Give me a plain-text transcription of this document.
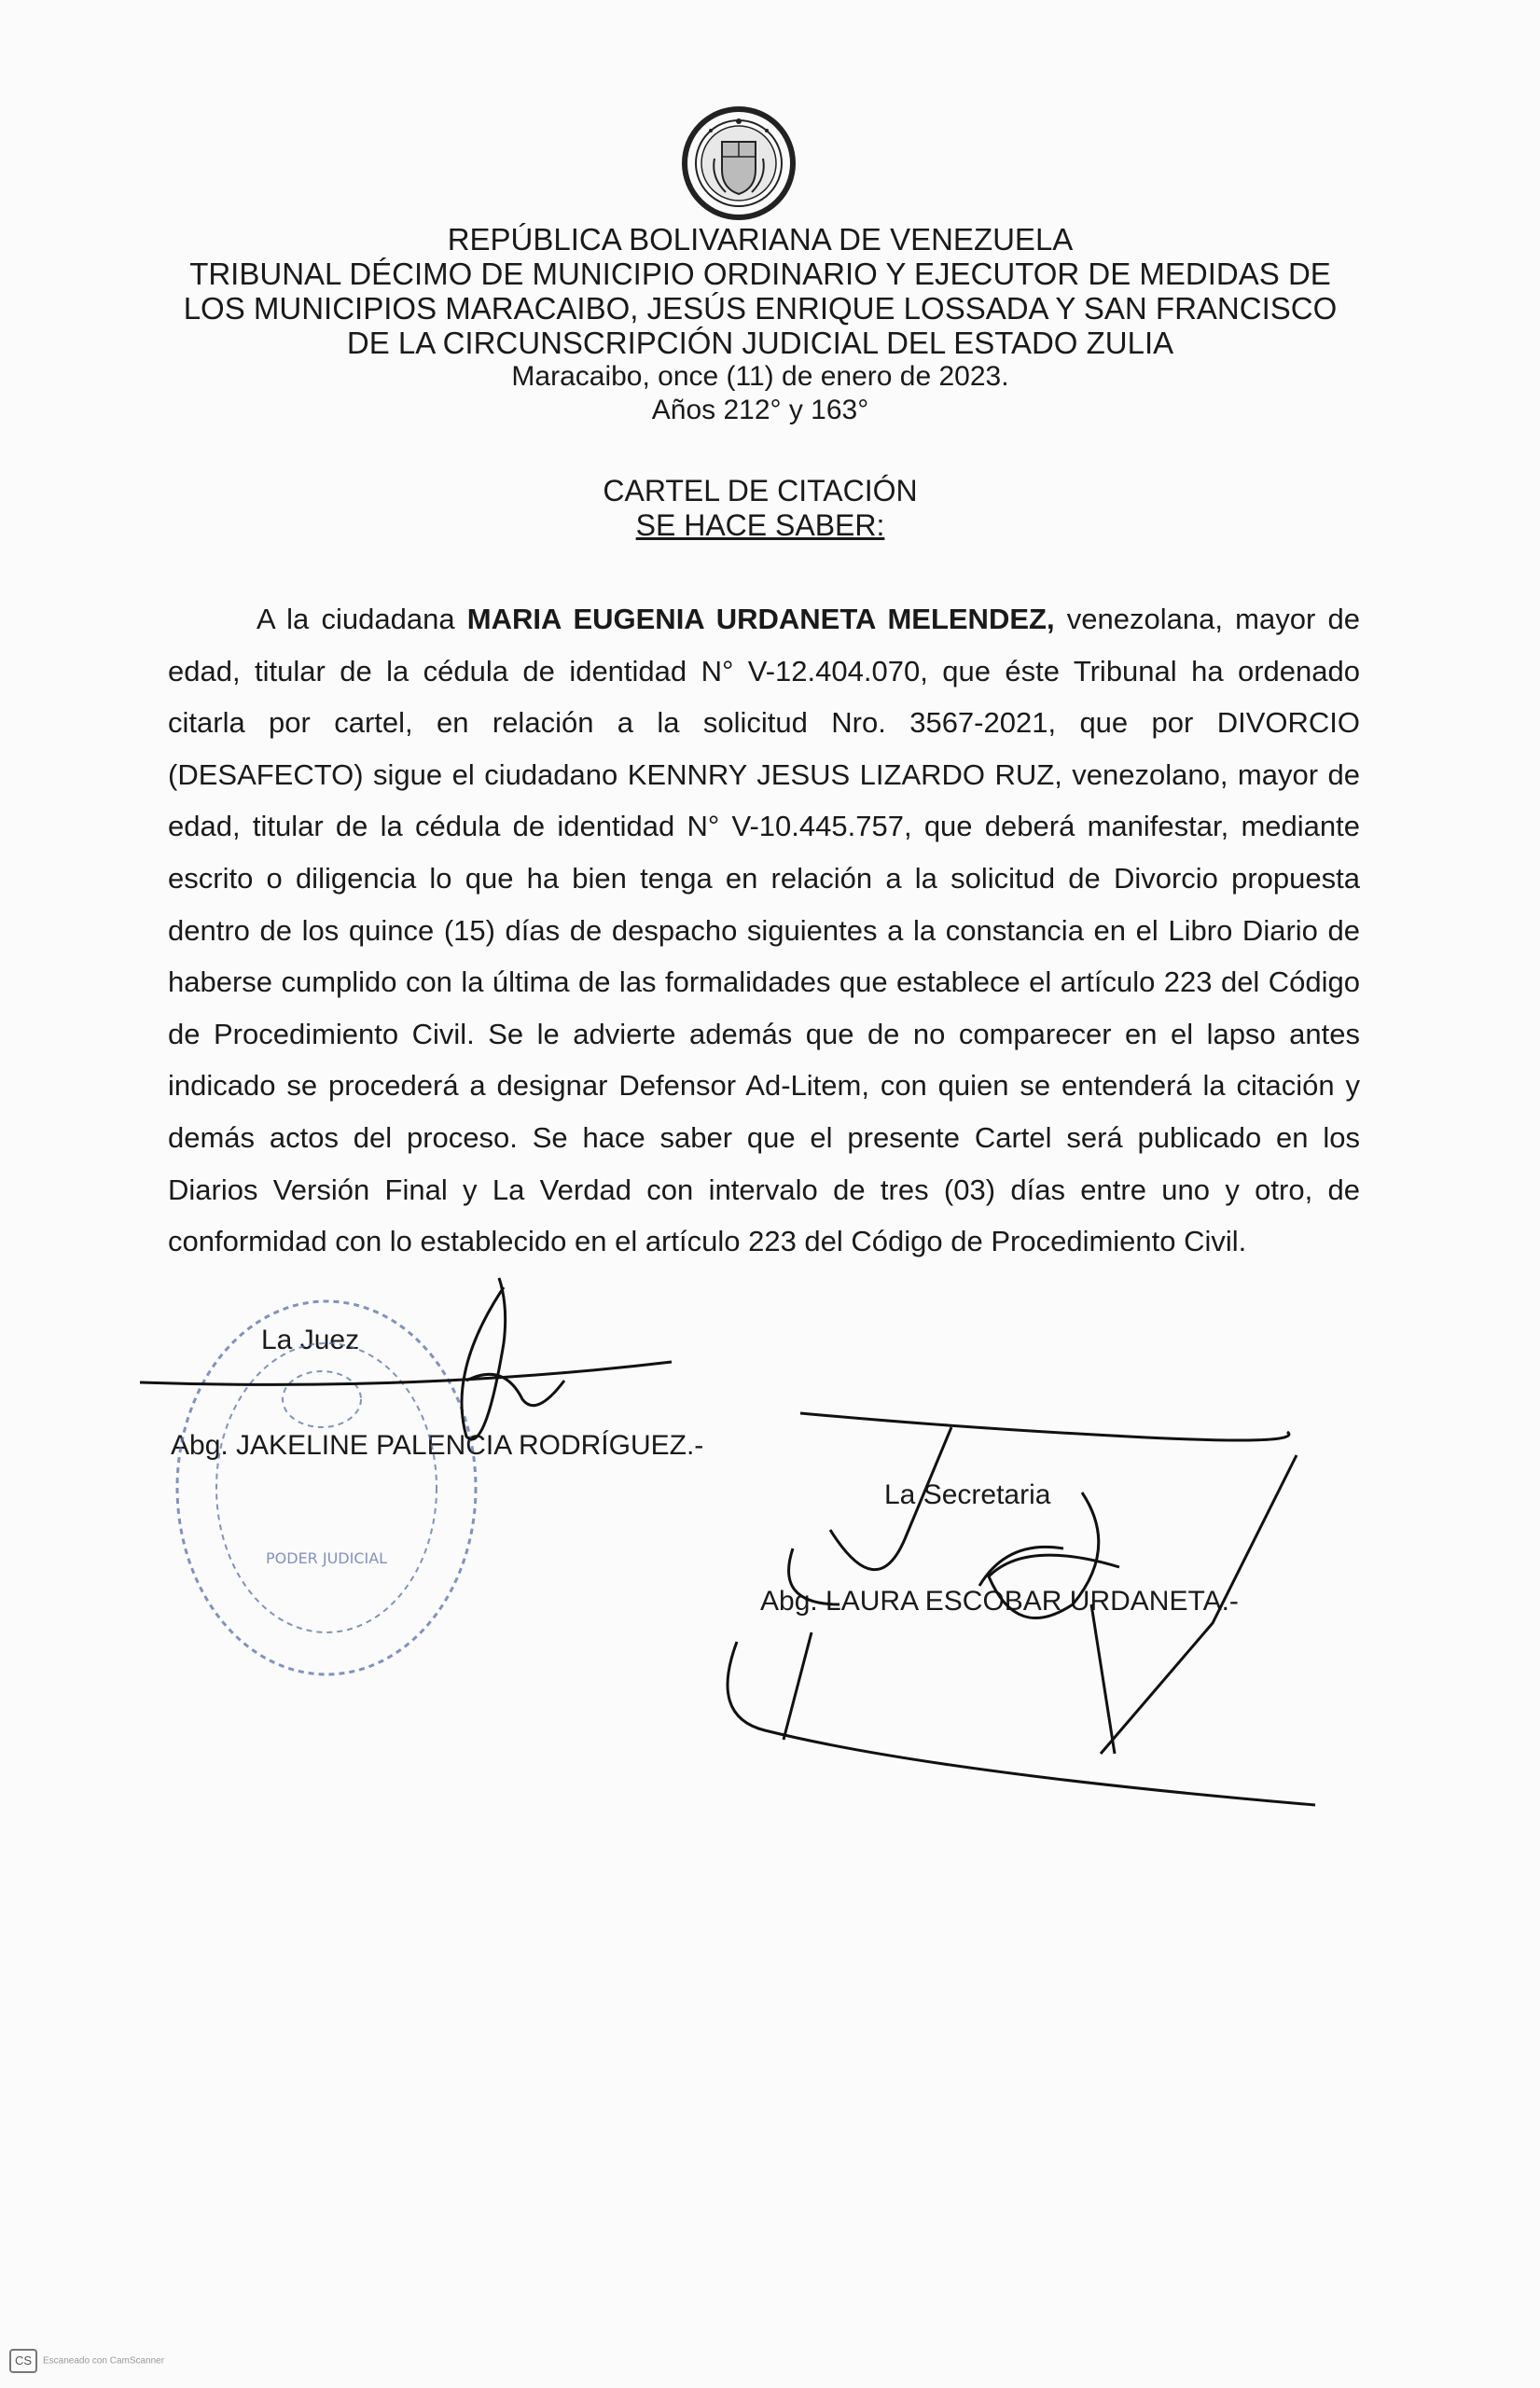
REPÚBLICA BOLIVARIANA DE VENEZUELA
TRIBUNAL DÉCIMO DE MUNICIPIO ORDINARIO Y EJECUTOR DE MEDIDAS DE
LOS MUNICIPIOS MARACAIBO, JESÚS ENRIQUE LOSSADA Y SAN FRANCISCO
DE LA CIRCUNSCRIPCIÓN JUDICIAL DEL ESTADO ZULIA
Maracaibo, once (11) de enero de 2023.
Años 212° y 163°
CARTEL DE CITACIÓN
SE HACE SABER:
A la ciudadana MARIA EUGENIA URDANETA MELENDEZ, venezolana, mayor de edad, titular de la cédula de identidad N° V-12.404.070, que éste Tribunal ha ordenado citarla por cartel, en relación a la solicitud Nro. 3567-2021, que por DIVORCIO (DESAFECTO) sigue el ciudadano KENNRY JESUS LIZARDO RUZ, venezolano, mayor de edad, titular de la cédula de identidad N° V-10.445.757, que deberá manifestar, mediante escrito o diligencia lo que ha bien tenga en relación a la solicitud de Divorcio propuesta dentro de los quince (15) días de despacho siguientes a la constancia en el Libro Diario de haberse cumplido con la última de las formalidades que establece el artículo 223 del Código de Procedimiento Civil. Se le advierte además que de no comparecer en el lapso antes indicado se procederá a designar Defensor Ad-Litem, con quien se entenderá la citación y demás actos del proceso. Se hace saber que el presente Cartel será publicado en los Diarios Versión Final y La Verdad con intervalo de tres (03) días entre uno y otro, de conformidad con lo establecido en el artículo 223 del Código de Procedimiento Civil.
La Juez
Abg. JAKELINE PALENCIA RODRÍGUEZ.-
La Secretaria
Abg. LAURA ESCOBAR URDANETA.-
PODER JUDICIAL
CS Escaneado con CamScanner
